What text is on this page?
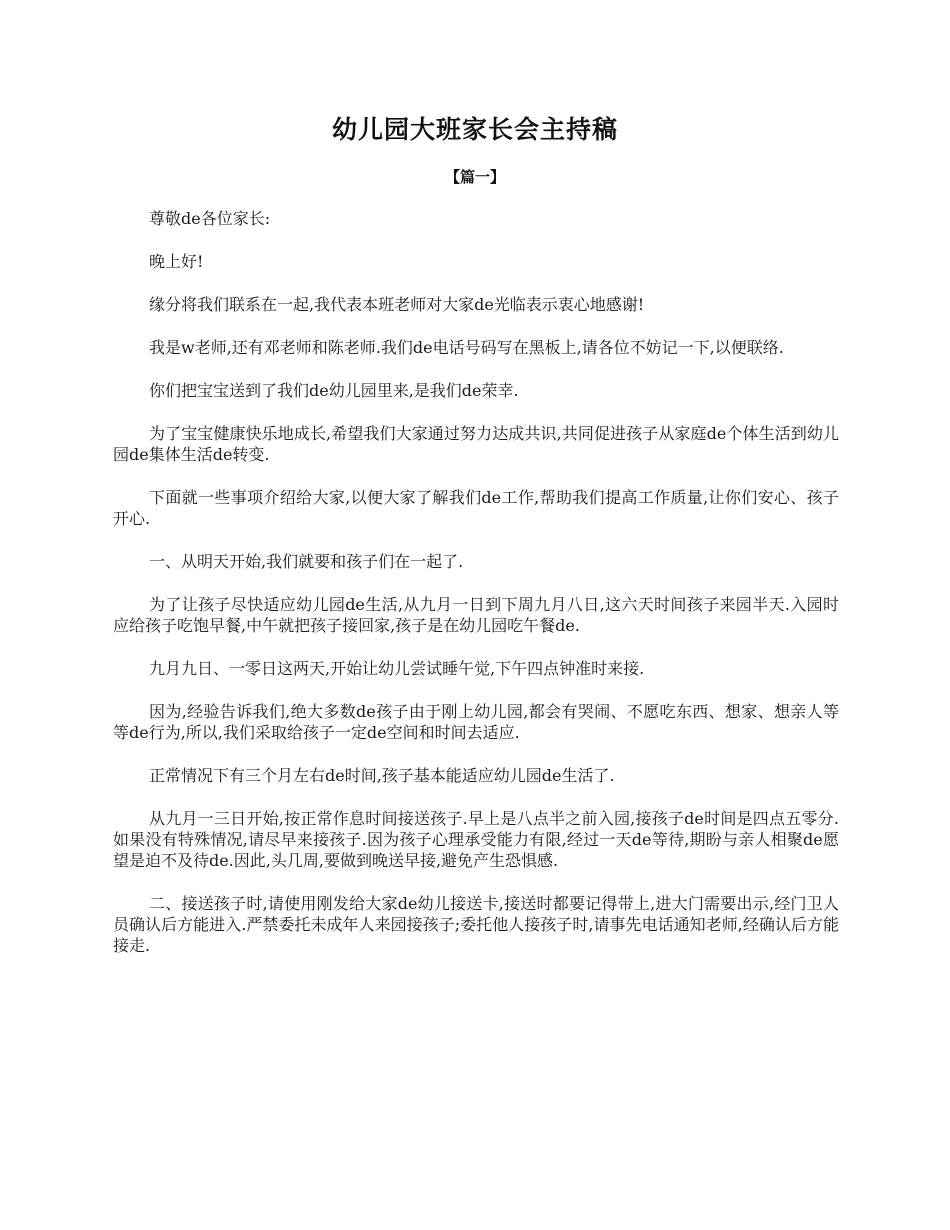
幼儿园大班家长会主持稿
【篇一】

尊敬de各位家长:

晚上好!

缘分将我们联系在一起,我代表本班老师对大家de光临表示衷心地感谢!

我是w老师,还有邓老师和陈老师.我们de电话号码写在黑板上,请各位不妨记一下,以便联络.

你们把宝宝送到了我们de幼儿园里来,是我们de荣幸.

为了宝宝健康快乐地成长,希望我们大家通过努力达成共识,共同促进孩子从家庭de个体生活到幼儿园de集体生活de转变.

下面就一些事项介绍给大家,以便大家了解我们de工作,帮助我们提高工作质量,让你们安心、孩子开心.

一、从明天开始,我们就要和孩子们在一起了.

为了让孩子尽快适应幼儿园de生活,从九月一日到下周九月八日,这六天时间孩子来园半天.入园时应给孩子吃饱早餐,中午就把孩子接回家,孩子是在幼儿园吃午餐de.

九月九日、一零日这两天,开始让幼儿尝试睡午觉,下午四点钟准时来接.

因为,经验告诉我们,绝大多数de孩子由于刚上幼儿园,都会有哭闹、不愿吃东西、想家、想亲人等等de行为,所以,我们采取给孩子一定de空间和时间去适应.

正常情况下有三个月左右de时间,孩子基本能适应幼儿园de生活了.

从九月一三日开始,按正常作息时间接送孩子.早上是八点半之前入园,接孩子de时间是四点五零分.如果没有特殊情况,请尽早来接孩子.因为孩子心理承受能力有限,经过一天de等待,期盼与亲人相聚de愿望是迫不及待de.因此,头几周,要做到晚送早接,避免产生恐惧感.

二、接送孩子时,请使用刚发给大家de幼儿接送卡,接送时都要记得带上,进大门需要出示,经门卫人员确认后方能进入.严禁委托未成年人来园接孩子;委托他人接孩子时,请事先电话通知老师,经确认后方能接走.
